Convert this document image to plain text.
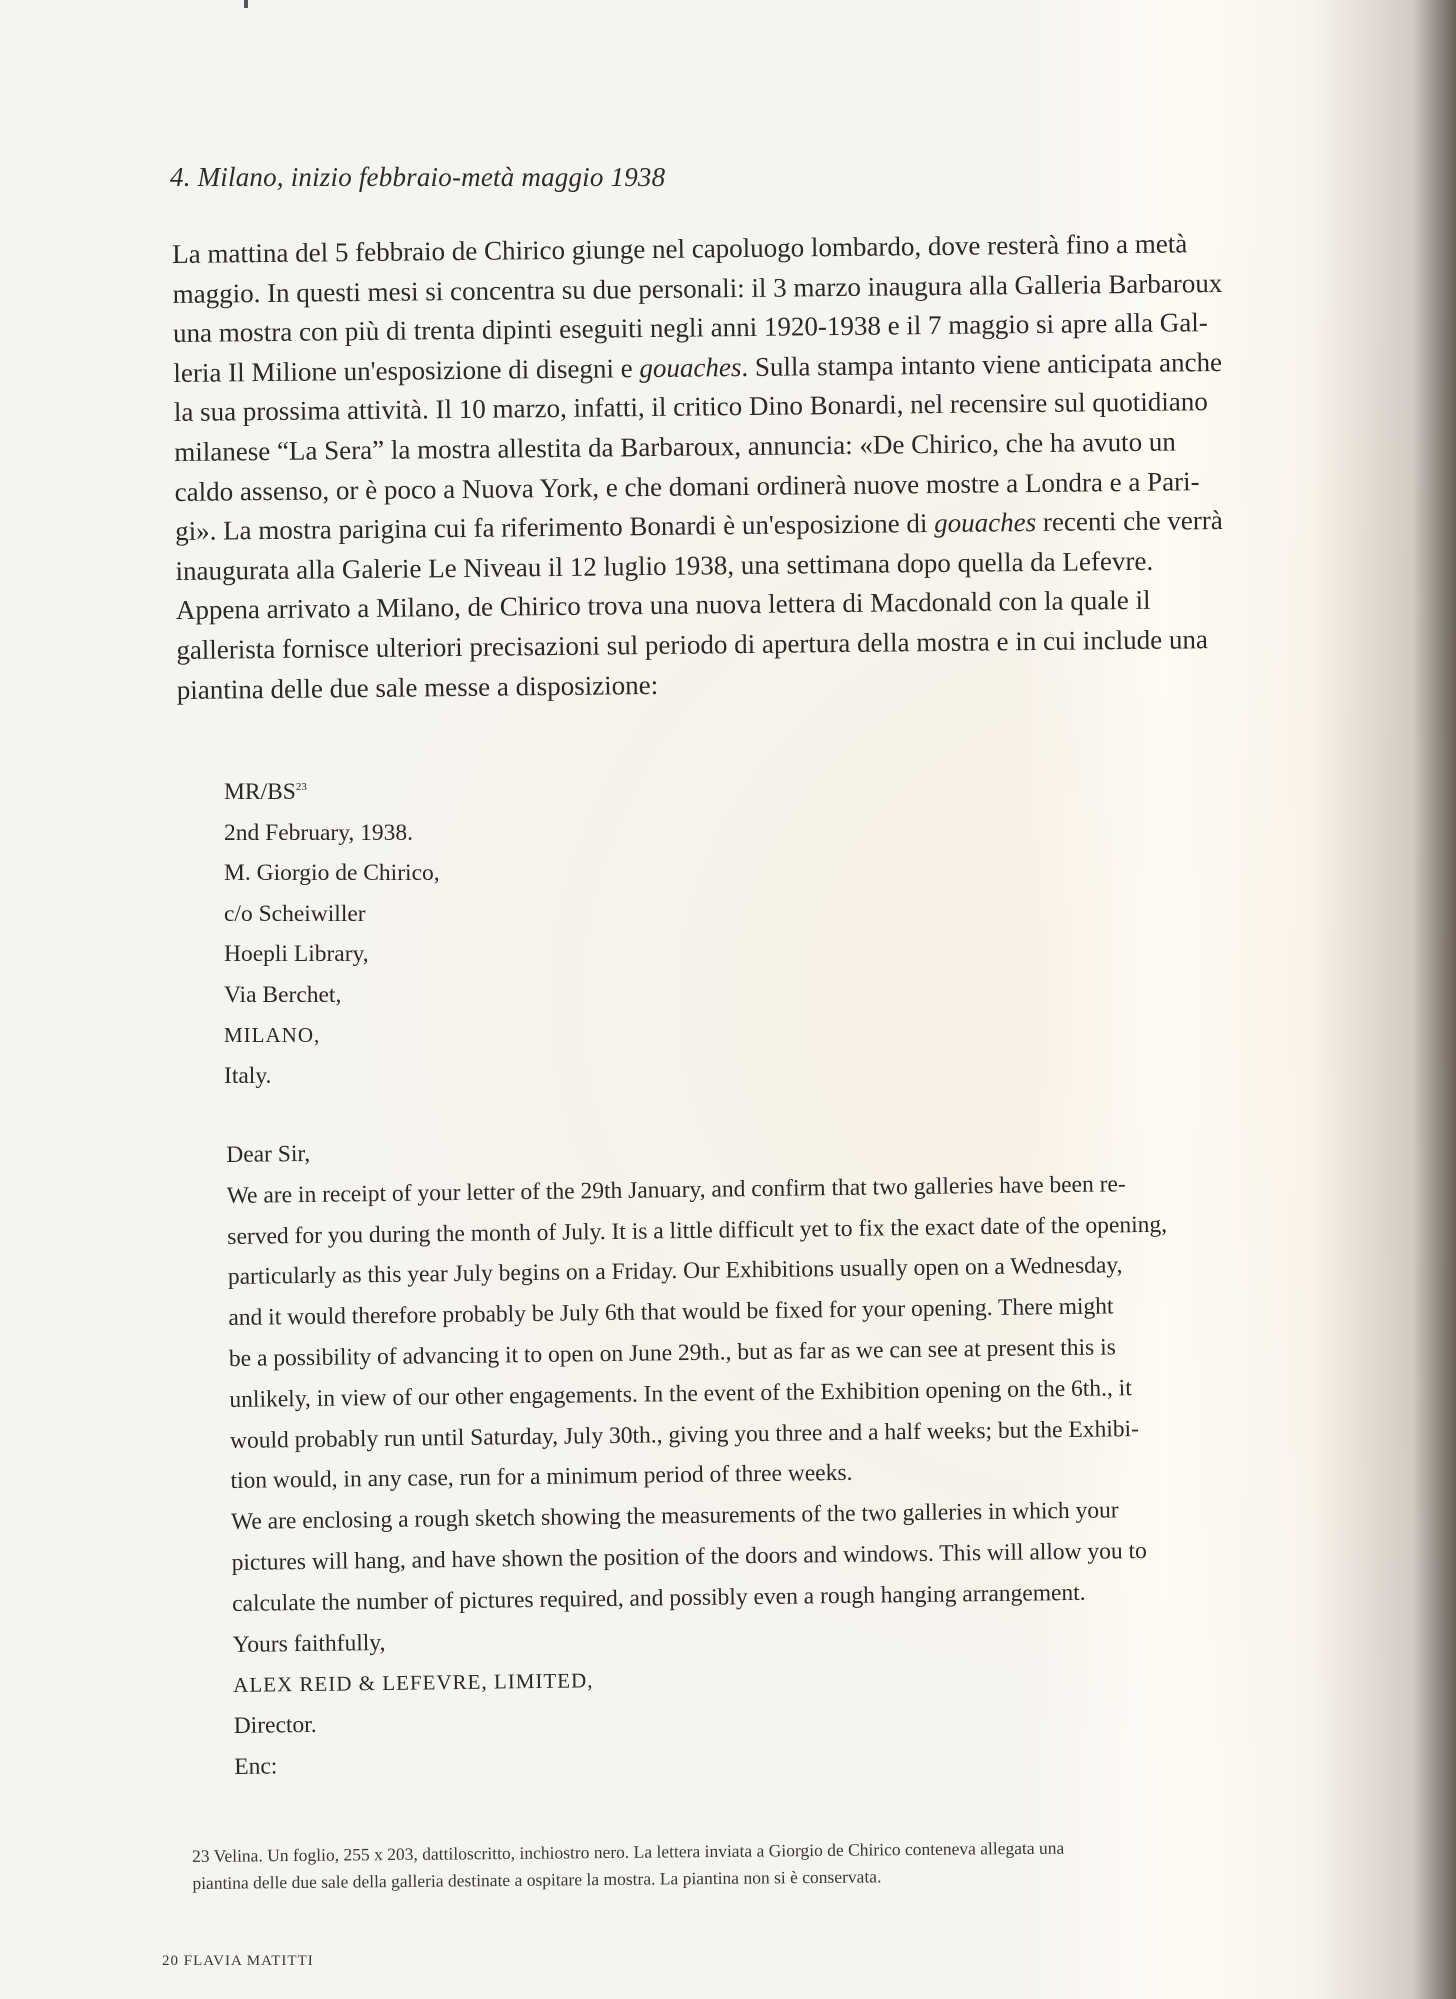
4. Milano, inizio febbraio-metà maggio 1938
La mattina del 5 febbraio de Chirico giunge nel capoluogo lombardo, dove resterà fino a metà
maggio. In questi mesi si concentra su due personali: il 3 marzo inaugura alla Galleria Barbaroux
una mostra con più di trenta dipinti eseguiti negli anni 1920-1938 e il 7 maggio si apre alla Gal-
leria Il Milione un'esposizione di disegni e gouaches. Sulla stampa intanto viene anticipata anche
la sua prossima attività. Il 10 marzo, infatti, il critico Dino Bonardi, nel recensire sul quotidiano
milanese “La Sera” la mostra allestita da Barbaroux, annuncia: «De Chirico, che ha avuto un
caldo assenso, or è poco a Nuova York, e che domani ordinerà nuove mostre a Londra e a Pari-
gi». La mostra parigina cui fa riferimento Bonardi è un'esposizione di gouaches recenti che verrà
inaugurata alla Galerie Le Niveau il 12 luglio 1938, una settimana dopo quella da Lefevre.
Appena arrivato a Milano, de Chirico trova una nuova lettera di Macdonald con la quale il
gallerista fornisce ulteriori precisazioni sul periodo di apertura della mostra e in cui include una
piantina delle due sale messe a disposizione:
MR/BS$^{23}$
2nd February, 1938.
M. Giorgio de Chirico,
c/o Scheiwiller
Hoepli Library,
Via Berchet,
MILANO,
Italy.
Dear Sir,
We are in receipt of your letter of the 29th January, and confirm that two galleries have been re-
served for you during the month of July. It is a little difficult yet to fix the exact date of the opening,
particularly as this year July begins on a Friday. Our Exhibitions usually open on a Wednesday,
and it would therefore probably be July 6th that would be fixed for your opening. There might
be a possibility of advancing it to open on June 29th., but as far as we can see at present this is
unlikely, in view of our other engagements. In the event of the Exhibition opening on the 6th., it
would probably run until Saturday, July 30th., giving you three and a half weeks; but the Exhibi-
tion would, in any case, run for a minimum period of three weeks.
We are enclosing a rough sketch showing the measurements of the two galleries in which your
pictures will hang, and have shown the position of the doors and windows. This will allow you to
calculate the number of pictures required, and possibly even a rough hanging arrangement.
Yours faithfully,
ALEX REID & LEFEVRE, LIMITED,
Director.
Enc:
23 Velina. Un foglio, 255 x 203, dattiloscritto, inchiostro nero. La lettera inviata a Giorgio de Chirico conteneva allegata una
piantina delle due sale della galleria destinate a ospitare la mostra. La piantina non si è conservata.
20 FLAVIA MATITTI
